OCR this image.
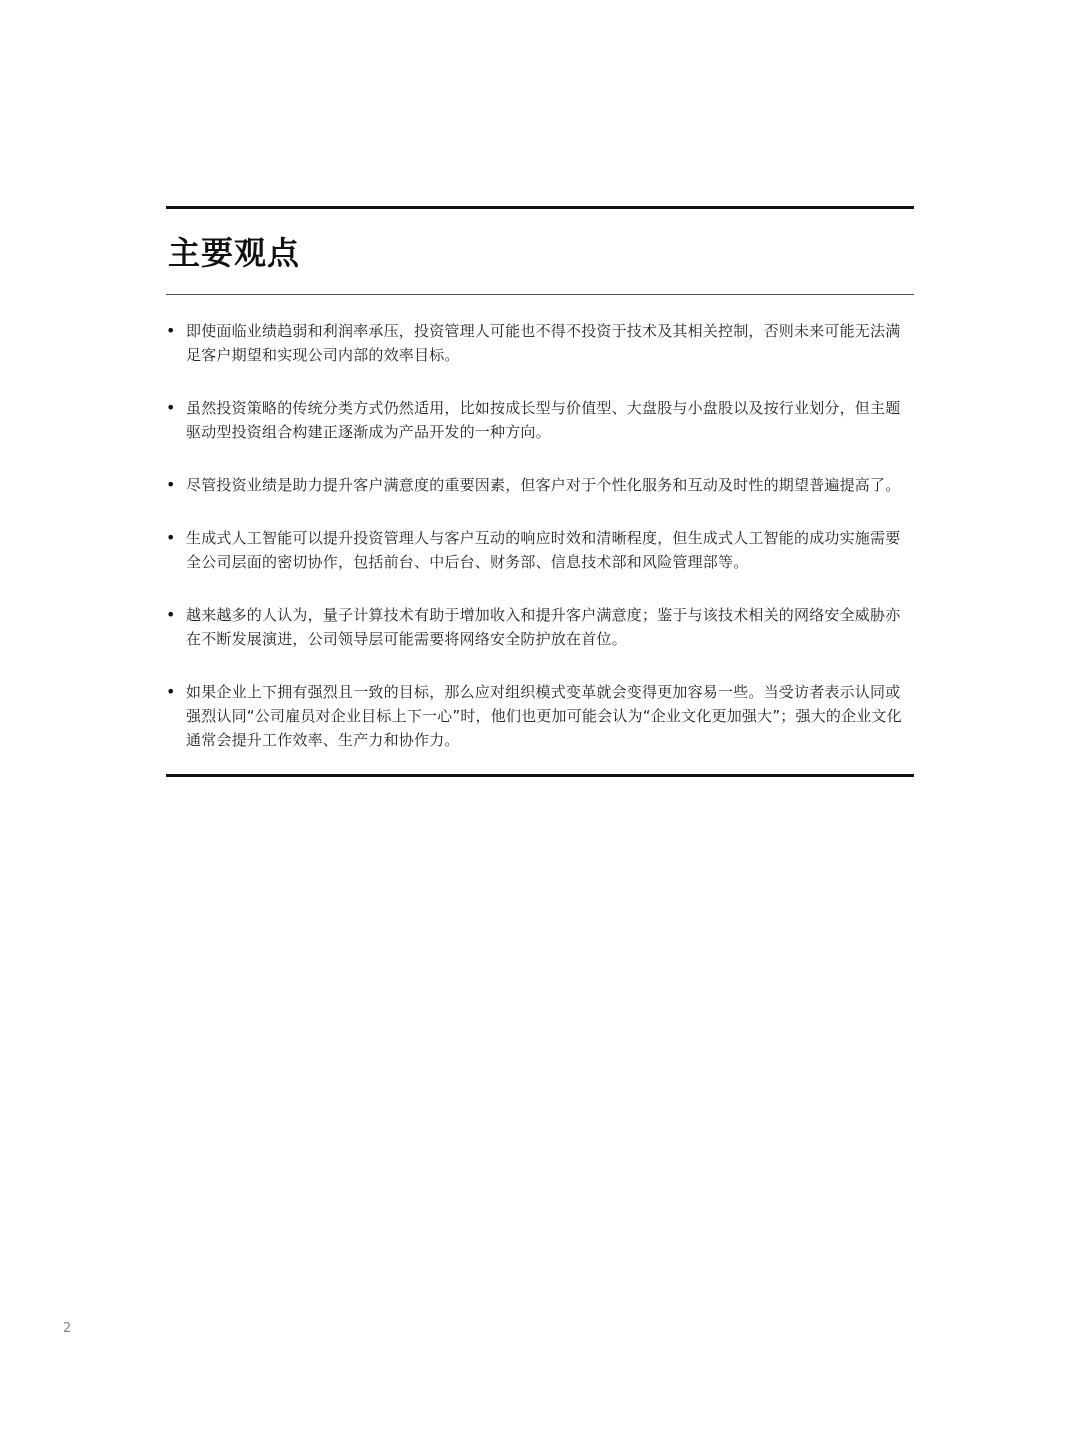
主要观点
• 即使面临业绩趋弱和利润率承压，投资管理人可能也不得不投资于技术及其相关控制，否则未来可能无法满足客户期望和实现公司内部的效率目标。
• 虽然投资策略的传统分类方式仍然适用，比如按成长型与价值型、大盘股与小盘股以及按行业划分，但主题驱动型投资组合构建正逐渐成为产品开发的一种方向。
• 尽管投资业绩是助力提升客户满意度的重要因素，但客户对于个性化服务和互动及时性的期望普遍提高了。
• 生成式人工智能可以提升投资管理人与客户互动的响应时效和清晰程度，但生成式人工智能的成功实施需要全公司层面的密切协作，包括前台、中后台、财务部、信息技术部和风险管理部等。
• 越来越多的人认为，量子计算技术有助于增加收入和提升客户满意度；鉴于与该技术相关的网络安全威胁亦在不断发展演进，公司领导层可能需要将网络安全防护放在首位。
• 如果企业上下拥有强烈且一致的目标，那么应对组织模式变革就会变得更加容易一些。当受访者表示认同或强烈认同“公司雇员对企业目标上下一心”时，他们也更加可能会认为“企业文化更加强大”；强大的企业文化通常会提升工作效率、生产力和协作力。
2
